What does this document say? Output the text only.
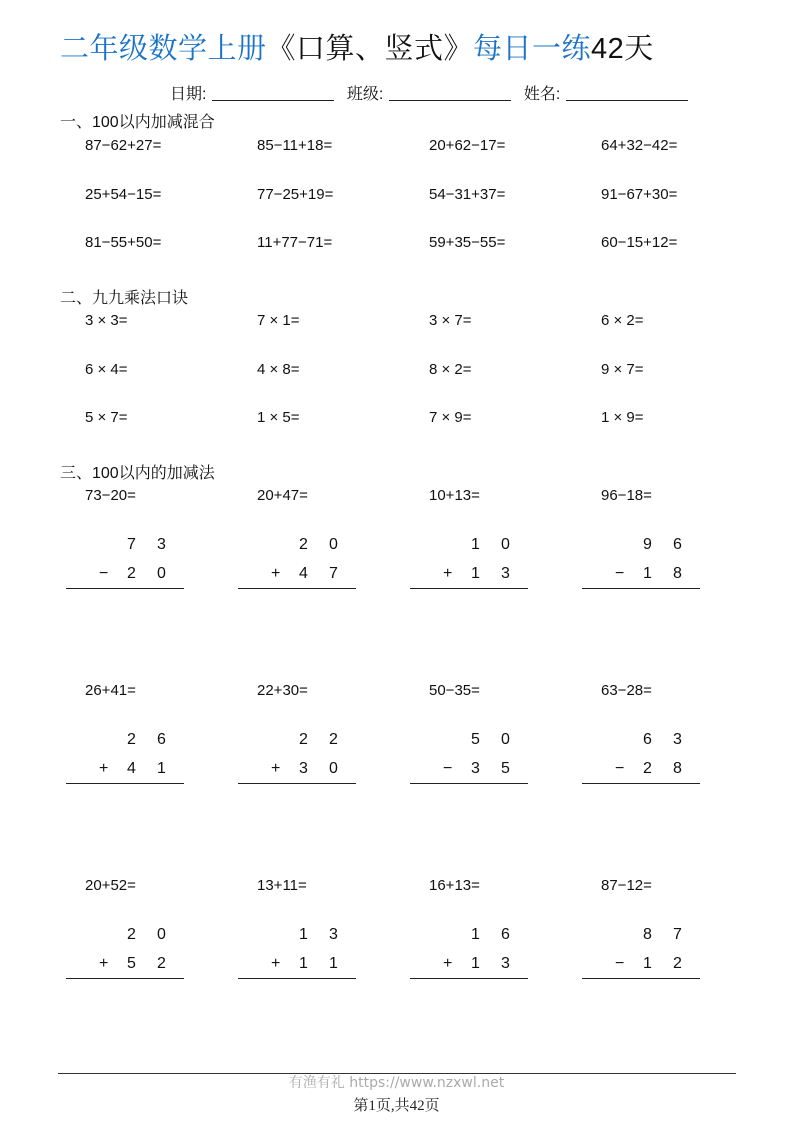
二年级数学上册《口算、竖式》每日一练42天
日期:	班级:	姓名:
一、100以内加减混合
87−62+27=	85−11+18=	20+62−17=	64+32−42=
25+54−15=	77−25+19=	54−31+37=	91−67+30=
81−55+50=	11+77−71=	59+35−55=	60−15+12=
二、九九乘法口诀
3 × 3=	7 × 1=	3 × 7=	6 × 2=
6 × 4=	4 × 8=	8 × 2=	9 × 7=
5 × 7=	1 × 5=	7 × 9=	1 × 9=
三、100以内的加减法
73−20=
7 3
− 2 0
20+47=
2 0
+ 4 7
10+13=
1 0
+ 1 3
96−18=
9 6
− 1 8
26+41=
2 6
+ 4 1
22+30=
2 2
+ 3 0
50−35=
5 0
− 3 5
63−28=
6 3
− 2 8
20+52=
2 0
+ 5 2
13+11=
1 3
+ 1 1
16+13=
1 6
+ 1 3
87−12=
8 7
− 1 2
有渔有礼 https://www.nzxwl.net
第1页,共42页
